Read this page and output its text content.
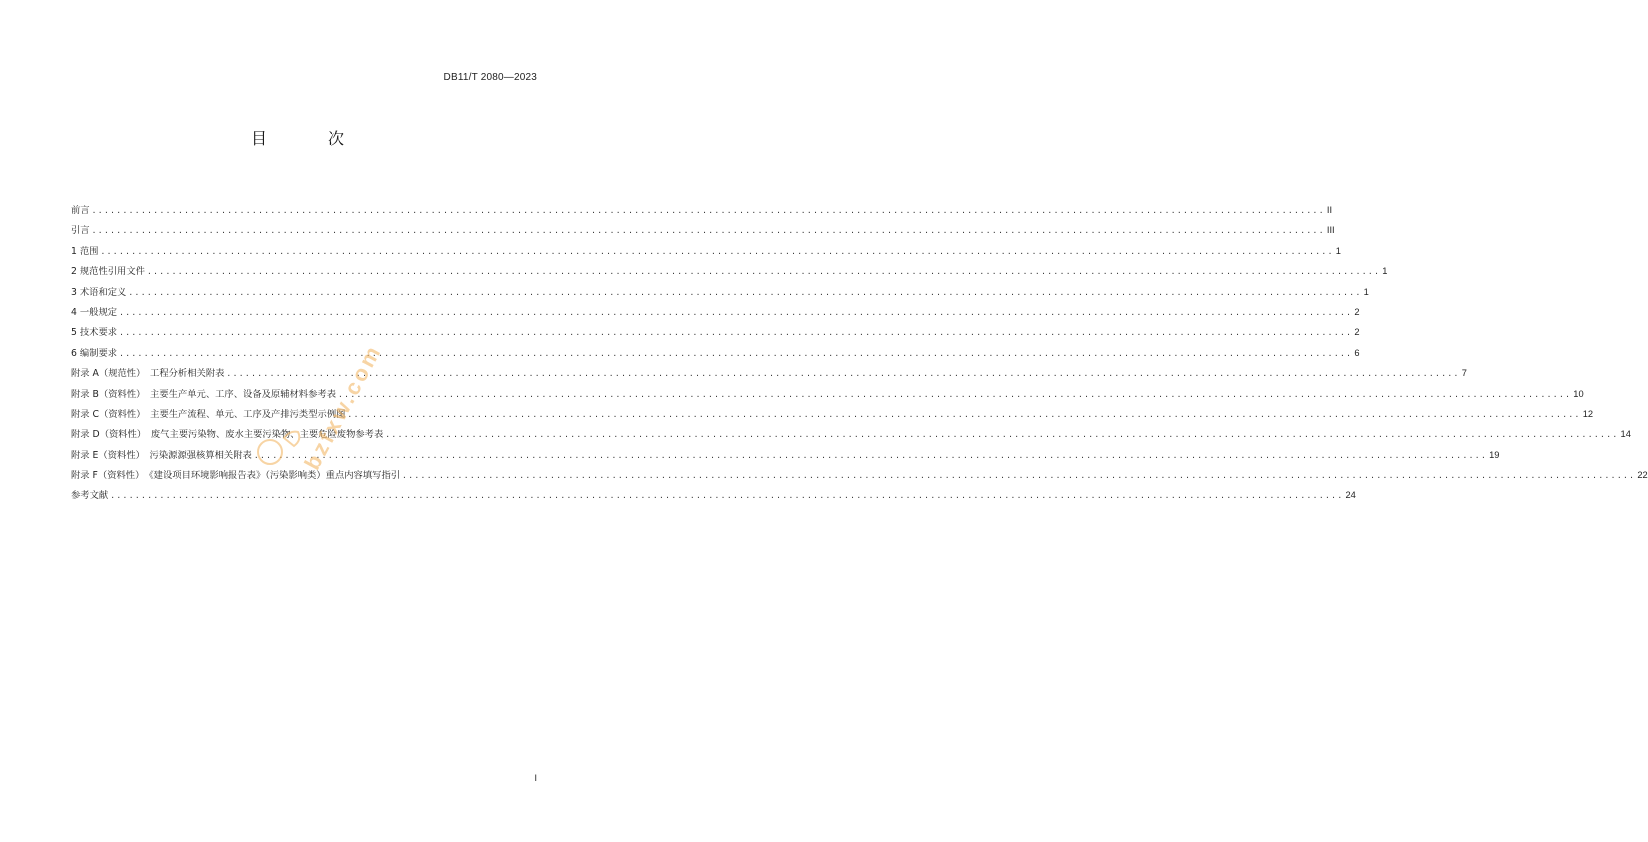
DB11/T 2080—2023
目 次
前言 ........................................................................................................................................................................................................ II
引言 ........................................................................................................................................................................................................ III
1 范围 ........................................................................................................................................................................................................ 1
2 规范性引用文件 ........................................................................................................................................................................................................ 1
3 术语和定义 ........................................................................................................................................................................................................ 1
4 一般规定 ........................................................................................................................................................................................................ 2
5 技术要求 ........................................................................................................................................................................................................ 2
6 编制要求 ........................................................................................................................................................................................................ 6
附录 A（规范性）　工程分析相关附表 ........................................................................................................................................................................................................ 7
附录 B（资料性）　主要生产单元、工序、设备及原辅材料参考表 ........................................................................................................................................................................................................ 10
附录 C（资料性）　主要生产流程、单元、工序及产排污类型示例图 ........................................................................................................................................................................................................ 12
附录 D（资料性）　废气主要污染物、废水主要污染物、主要危险废物参考表 ........................................................................................................................................................................................................ 14
附录 E（资料性）　污染源源强核算相关附表 ........................................................................................................................................................................................................ 19
附录 F（资料性）　《建设项目环境影响报告表》（污染影响类）重点内容填写指引 ........................................................................................................................................................................................................ 22
参考文献 ........................................................................................................................................................................................................ 24
bzfxw.com
I
